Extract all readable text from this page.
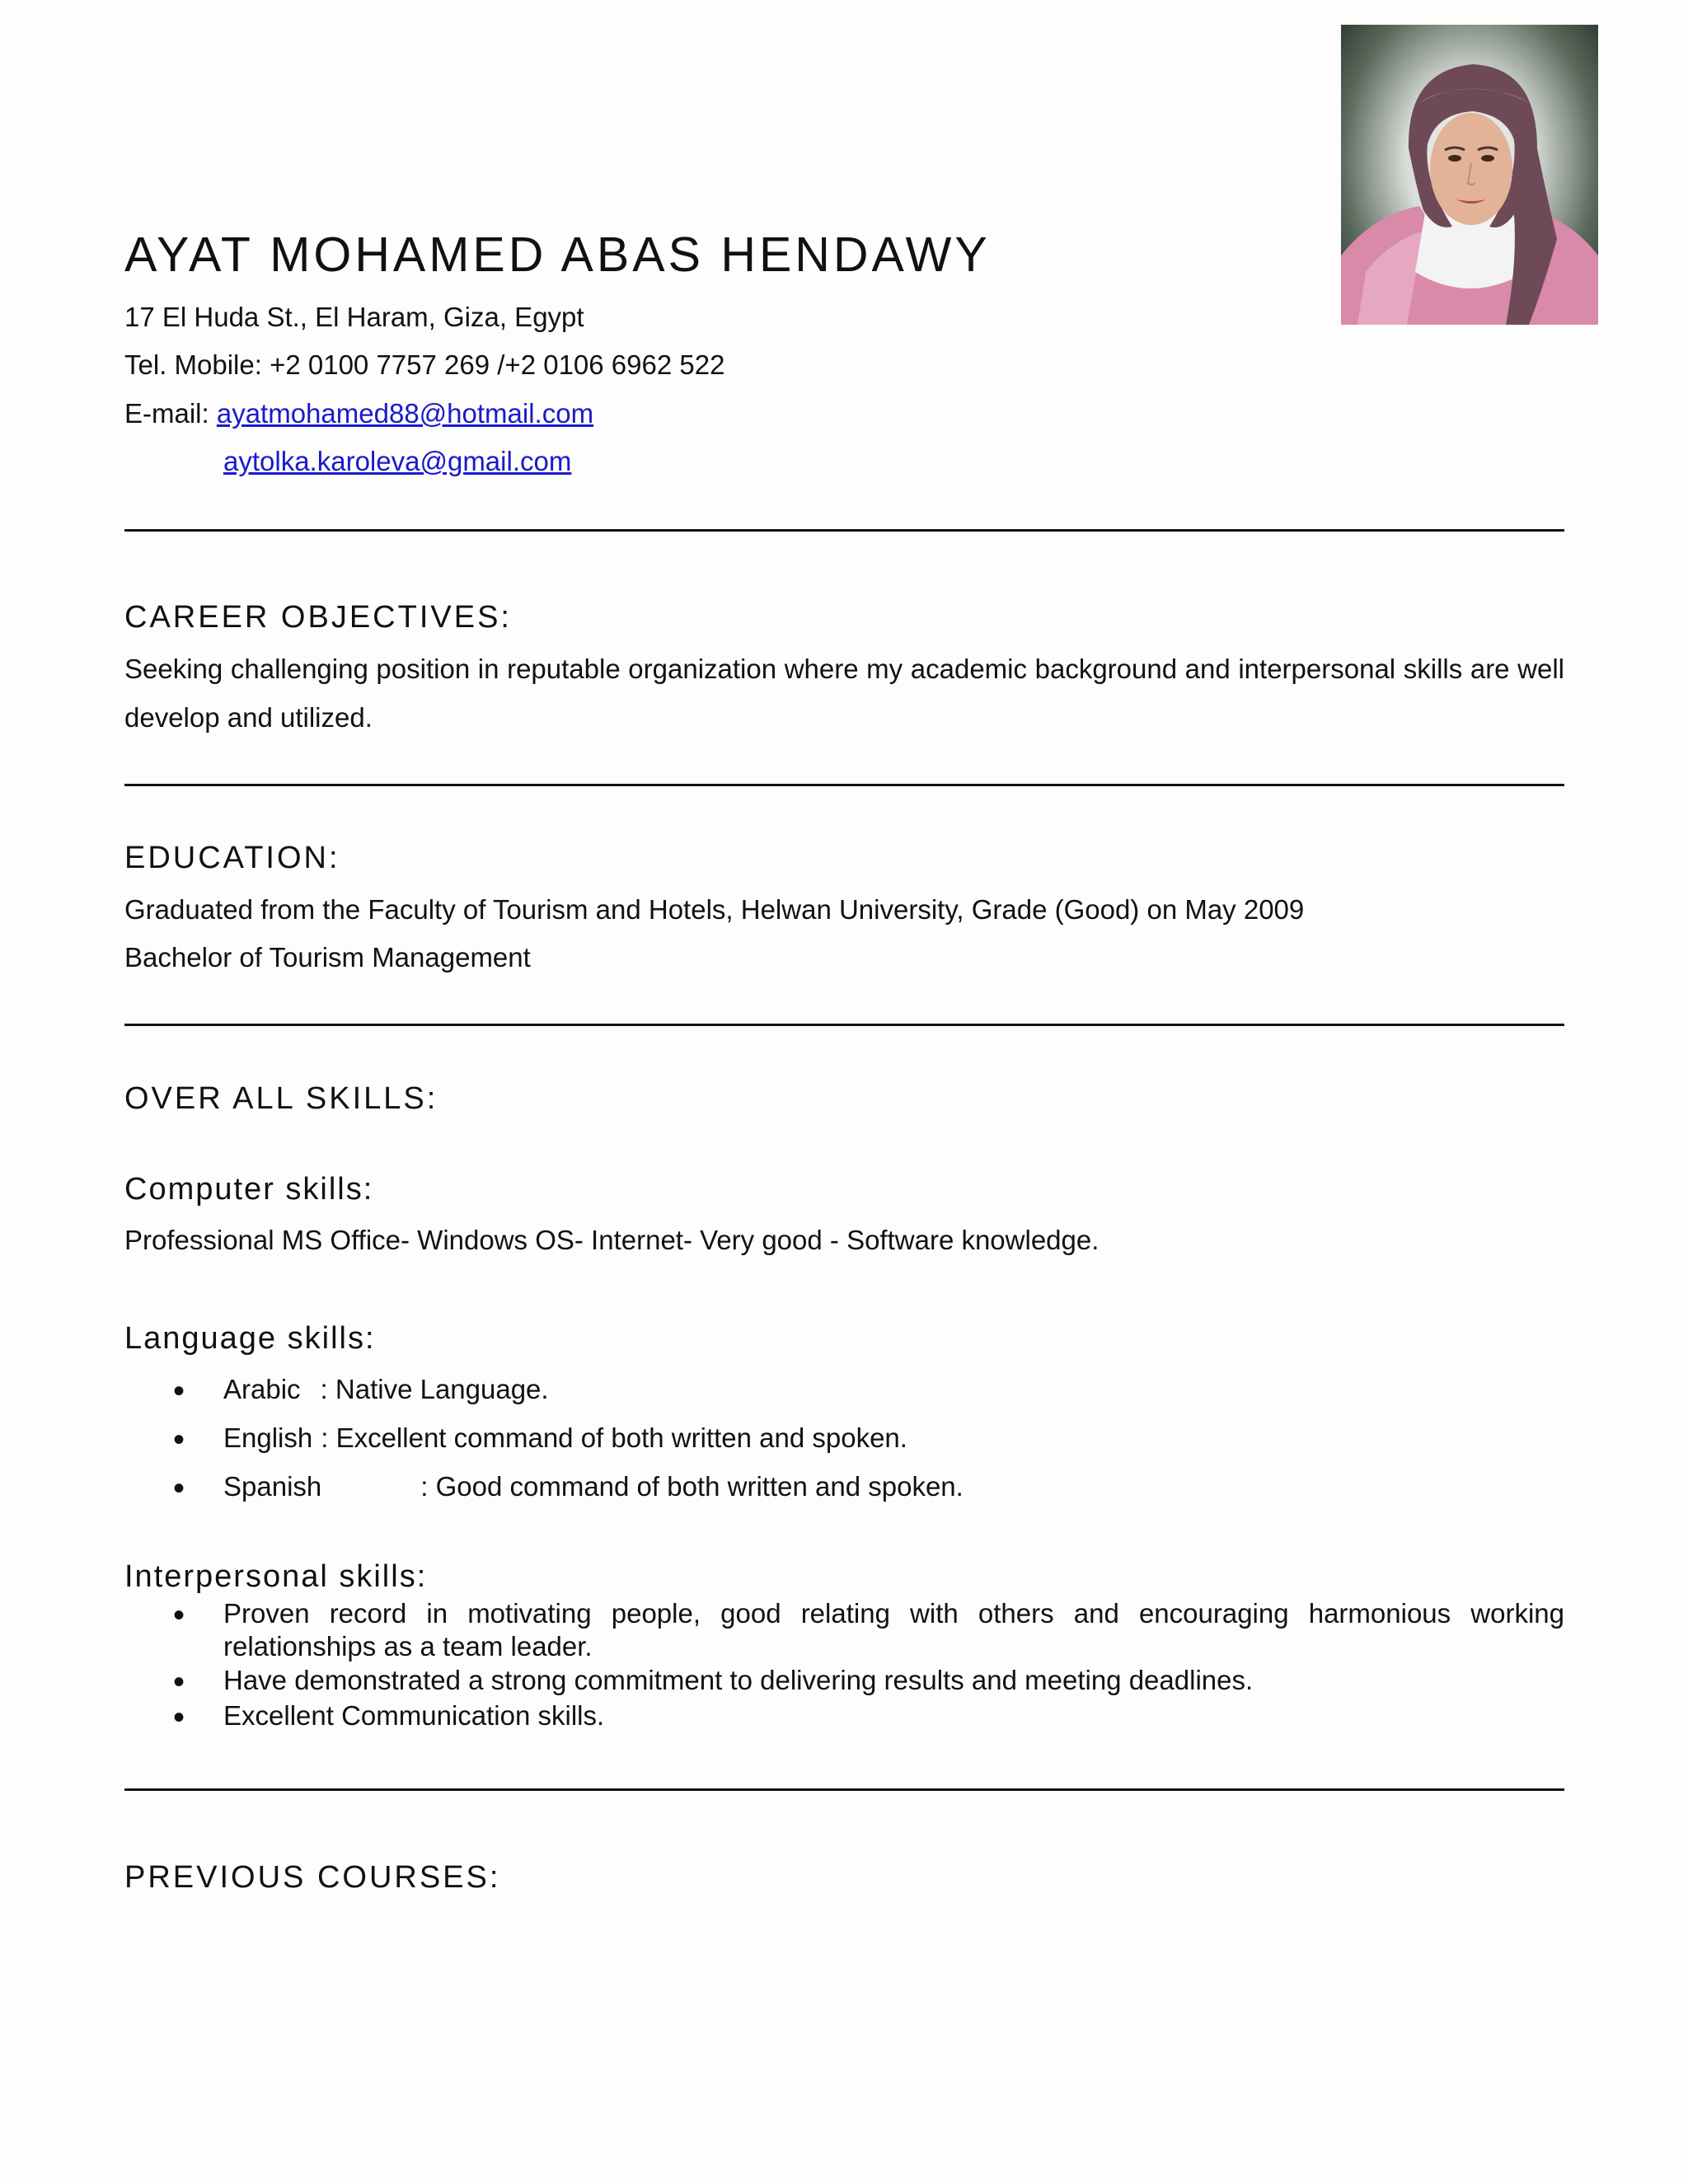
AYAT MOHAMED ABAS HENDAWY
17 El Huda St., El Haram, Giza, Egypt
Tel. Mobile: +2 0100 7757 269 /+2 0106 6962 522
E-mail: ayatmohamed88@hotmail.com
aytolka.karoleva@gmail.com
CAREER OBJECTIVES:

Seeking challenging position in reputable organization where my academic background and interpersonal skills are well develop and utilized.

EDUCATION:
Graduated from the Faculty of Tourism and Hotels, Helwan University, Grade (Good) on May 2009
Bachelor of Tourism Management
OVER ALL SKILLS:
Computer skills:
Professional MS Office- Windows OS- Internet- Very good - Software knowledge.
Language skills:
• Arabic : Native Language.
• English : Excellent command of both written and spoken.
• Spanish	: Good command of both written and spoken.
Interpersonal skills:
• Proven record in motivating people, good relating with others and encouraging harmonious working relationships as a team leader.

• Have demonstrated a strong commitment to delivering results and meeting deadlines.
• Excellent Communication skills.
PREVIOUS COURSES:
